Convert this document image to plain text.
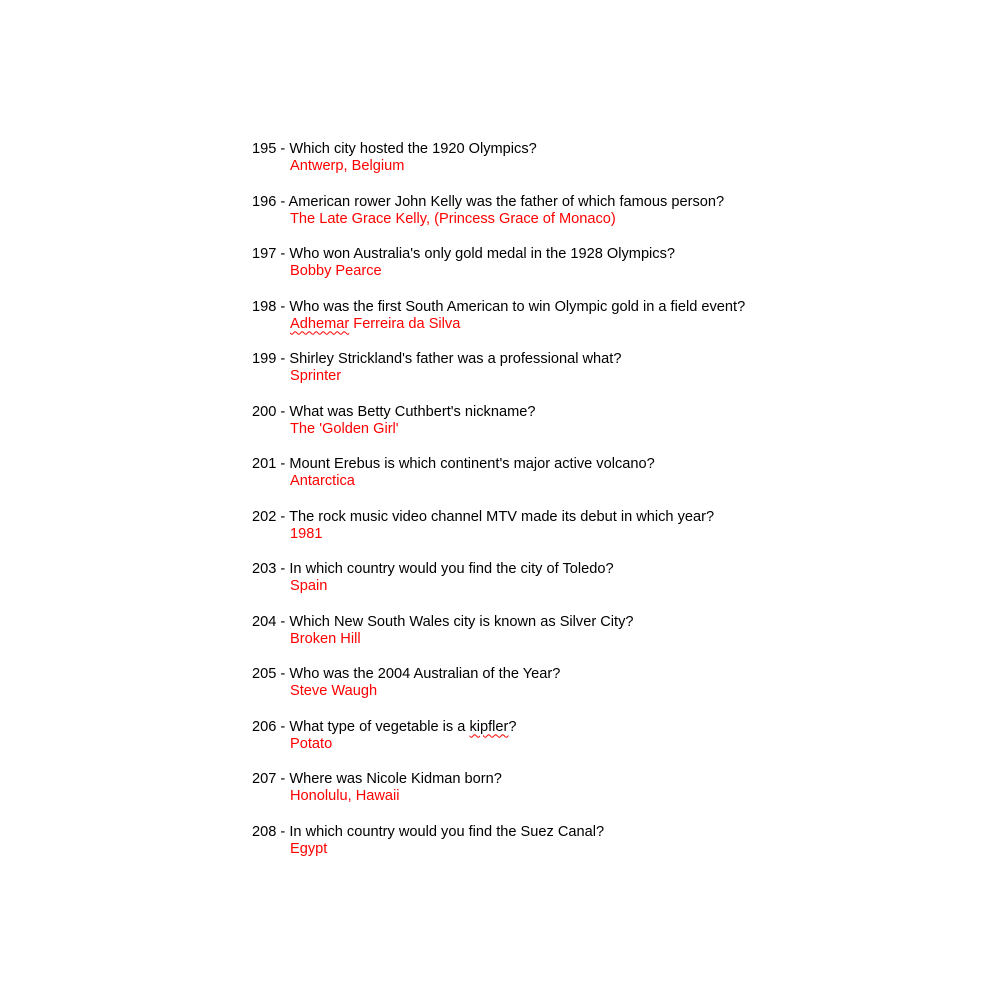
195 - Which city hosted the 1920 Olympics?
Antwerp, Belgium
196 - American rower John Kelly was the father of which famous person?
The Late Grace Kelly, (Princess Grace of Monaco)
197 - Who won Australia's only gold medal in the 1928 Olympics?
Bobby Pearce
198 - Who was the first South American to win Olympic gold in a field event?
Adhemar Ferreira da Silva
199 - Shirley Strickland's father was a professional what?
Sprinter
200 - What was Betty Cuthbert's nickname?
The 'Golden Girl'
201 - Mount Erebus is which continent's major active volcano?
Antarctica
202 - The rock music video channel MTV made its debut in which year?
1981
203 - In which country would you find the city of Toledo?
Spain
204 - Which New South Wales city is known as Silver City?
Broken Hill
205 - Who was the 2004 Australian of the Year?
Steve Waugh
206 - What type of vegetable is a kipfler?
Potato
207 - Where was Nicole Kidman born?
Honolulu, Hawaii
208 - In which country would you find the Suez Canal?
Egypt
